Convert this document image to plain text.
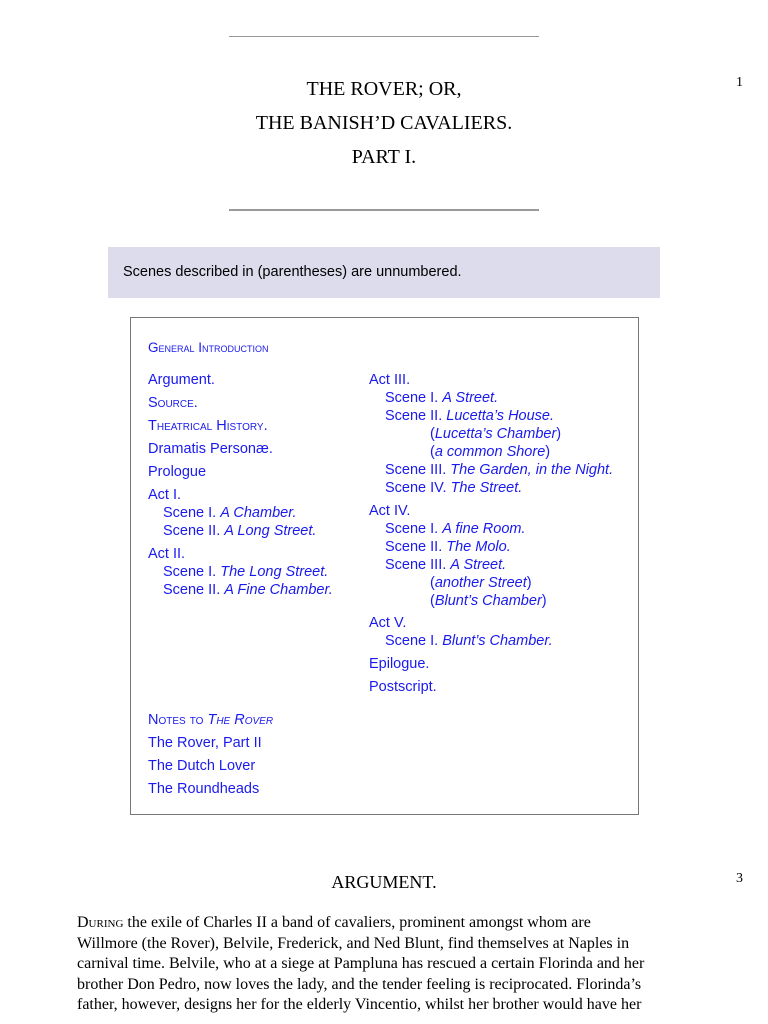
THE ROVER; OR,
THE BANISH’D CAVALIERS.
PART I.
1
Scenes described in (parentheses) are unnumbered.
General Introduction
Argument.
Source.
Theatrical History.
Dramatis Personæ.
Prologue
Act I.
Scene I. A Chamber.
Scene II. A Long Street.
Act II.
Scene I. The Long Street.
Scene II. A Fine Chamber.
Notes to The Rover
The Rover, Part II
The Dutch Lover
The Roundheads
Act III.
Scene I. A Street.
Scene II. Lucetta’s House.
(Lucetta’s Chamber)
(a common Shore)
Scene III. The Garden, in the Night.
Scene IV. The Street.
Act IV.
Scene I. A fine Room.
Scene II. The Molo.
Scene III. A Street.
(another Street)
(Blunt’s Chamber)
Act V.
Scene I. Blunt’s Chamber.
Epilogue.
Postscript.
ARGUMENT.	3
During the exile of Charles II a band of cavaliers, prominent amongst whom are
Willmore (the Rover), Belvile, Frederick, and Ned Blunt, find themselves at Naples in
carnival time. Belvile, who at a siege at Pampluna has rescued a certain Florinda and her
brother Don Pedro, now loves the lady, and the tender feeling is reciprocated. Florinda’s
father, however, designs her for the elderly Vincentio, whilst her brother would have her
